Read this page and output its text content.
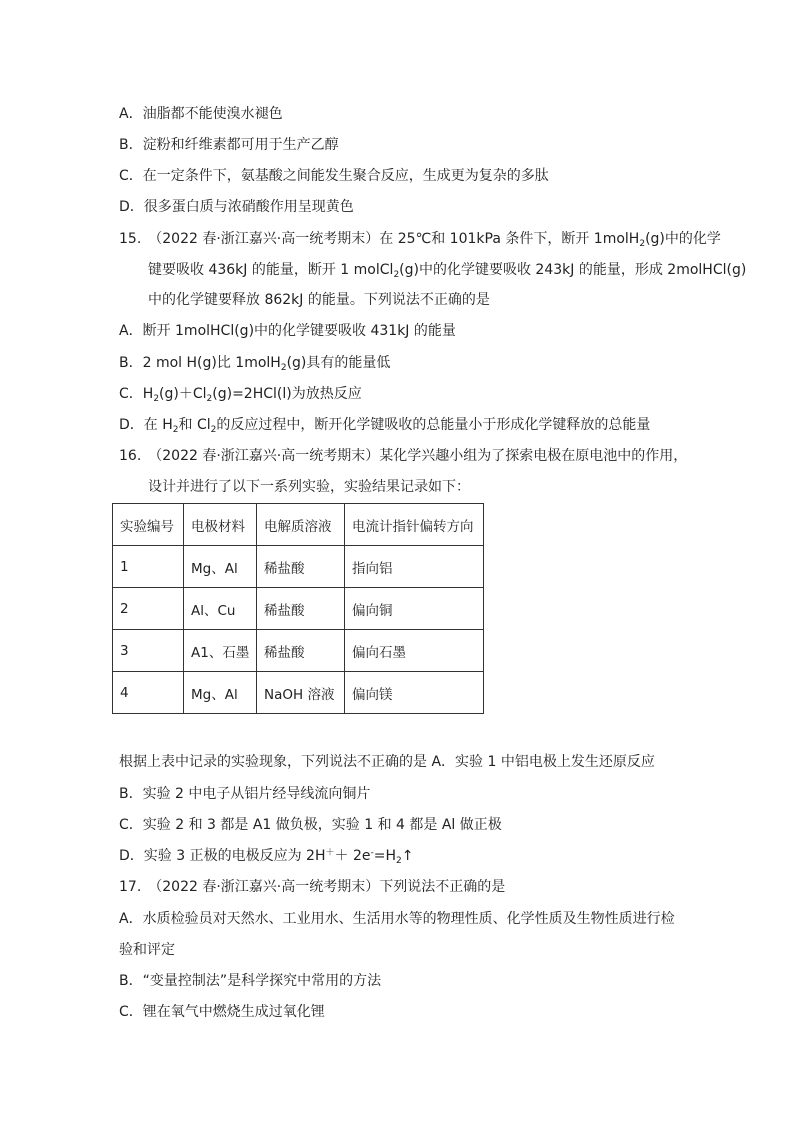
A．油脂都不能使溴水褪色
B．淀粉和纤维素都可用于生产乙醇
C．在一定条件下，氨基酸之间能发生聚合反应，生成更为复杂的多肽
D．很多蛋白质与浓硝酸作用呈现黄色
15.　（2022 春·浙江嘉兴·高一统考期末）在 25℃和 101kPa 条件下，断开 1molH$_2$(g)中的化学
键要吸收 436kJ 的能量，断开 1 molCl$_2$(g)中的化学键要吸收 243kJ 的能量，形成 2molHCl(g)
中的化学键要释放 862kJ 的能量。下列说法不正确的是
A．断开 1molHCl(g)中的化学键要吸收 431kJ 的能量
B．2 mol H(g)比 1molH$_2$(g)具有的能量低
C．$H_2(g)+Cl_2(g)=2HCl(l)$为放热反应
D．在 $H_2$和 $Cl_2$的反应过程中，断开化学键吸收的总能量小于形成化学键释放的总能量
16.　（2022 春·浙江嘉兴·高一统考期末）某化学兴趣小组为了探索电极在原电池中的作用，
设计并进行了以下一系列实验，实验结果记录如下：
实验编号	电极材料	电解质溶液	电流计指针偏转方向
1	Mg、Al	稀盐酸	指向铝
2	Al、Cu	稀盐酸	偏向铜
3	A1、石墨	稀盐酸	偏向石墨
4	Mg、Al	NaOH 溶液	偏向镁
根据上表中记录的实验现象，下列说法不正确的是 A．实验 1 中铝电极上发生还原反应
B．实验 2 中电子从铝片经导线流向铜片
C．实验 2 和 3 都是 A1 做负极，实验 1 和 4 都是 Al 做正极
D．实验 3 正极的电极反应为 $2H^++ 2e^-=H_2↑$
17.　（2022 春·浙江嘉兴·高一统考期末）下列说法不正确的是
A．水质检验员对天然水、工业用水、生活用水等的物理性质、化学性质及生物性质进行检
验和评定
B．“变量控制法”是科学探究中常用的方法
C．锂在氧气中燃烧生成过氧化锂
